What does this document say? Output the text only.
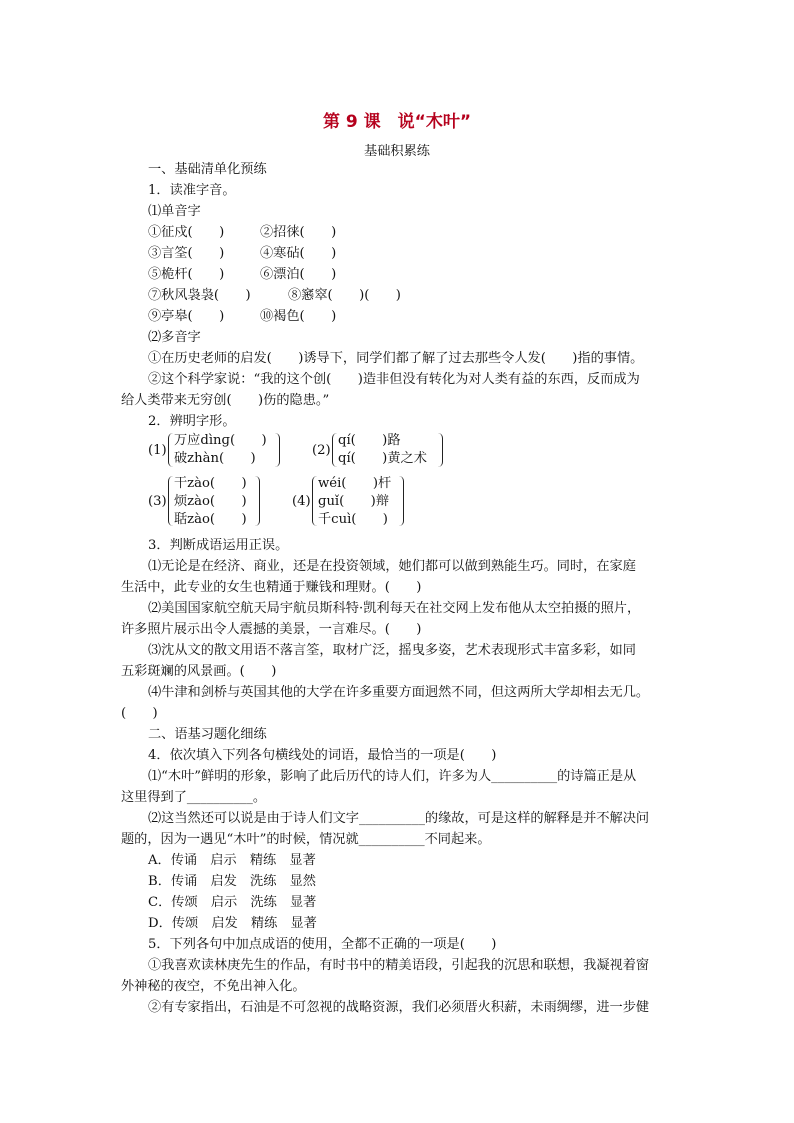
第 9 课　说“木叶”
基础积累练
一、基础清单化预练
1．读准字音。
⑴单音字
①征戍(　　)	②招徕(　　)
③言筌(　　)	④寒砧(　　)
⑤桅杆(　　)	⑥漂泊(　　)
⑦秋风袅袅(　　)	⑧窸窣(　　)(　　)
⑨亭皋(　　)	⑩褐色(　　)
⑵多音字
①在历史老师的启发(　　)诱导下，同学们都了解了过去那些令人发(　　)指的事情。
②这个科学家说：“我的这个创(　　)造非但没有转化为对人类有益的东西，反而成为
给人类带来无穷创(　　)伤的隐患。”
2．辨明字形。
(1)
万应dìnɡ(　　)
破zhàn(　　)
(2)
qí(　　)路
qí(　　)黄之术
(3)
干zào(　　)
烦zào(　　)
聒zào(　　)
(4)
wéi(　　)杆
ɡuǐ(　　)辩
千cuì(　　)
3．判断成语运用正误。
⑴无论是在经济、商业，还是在投资领域，她们都可以做到熟能生巧。同时，在家庭
生活中，此专业的女生也精通于赚钱和理财。(　　)
⑵美国国家航空航天局宇航员斯科特·凯利每天在社交网上发布他从太空拍摄的照片，
许多照片展示出令人震撼的美景，一言难尽。(　　)
⑶沈从文的散文用语不落言筌，取材广泛，摇曳多姿，艺术表现形式丰富多彩，如同
五彩斑斓的风景画。(　　)
⑷牛津和剑桥与英国其他的大学在许多重要方面迥然不同，但这两所大学却相去无几。
(　　)
二、语基习题化细练
4．依次填入下列各句横线处的词语，最恰当的一项是(　　)
⑴“木叶”鲜明的形象，影响了此后历代的诗人们，许多为人__________的诗篇正是从
这里得到了__________。
⑵这当然还可以说是由于诗人们文字__________的缘故，可是这样的解释是并不解决问
题的，因为一遇见“木叶”的时候，情况就__________不同起来。
A．传诵　启示　精练　显著
B．传诵　启发　洗练　显然
C．传颂　启示　洗练　显著
D．传颂　启发　精练　显著
5．下列各句中加点成语的使用，全都不正确的一项是(　　)
①我喜欢读林庚先生的作品，有时书中的精美语段，引起我的沉思和联想，我凝视着窗
外神秘的夜空，不免出神入化。
②有专家指出，石油是不可忽视的战略资源，我们必须厝火积薪，未雨绸缪，进一步健
